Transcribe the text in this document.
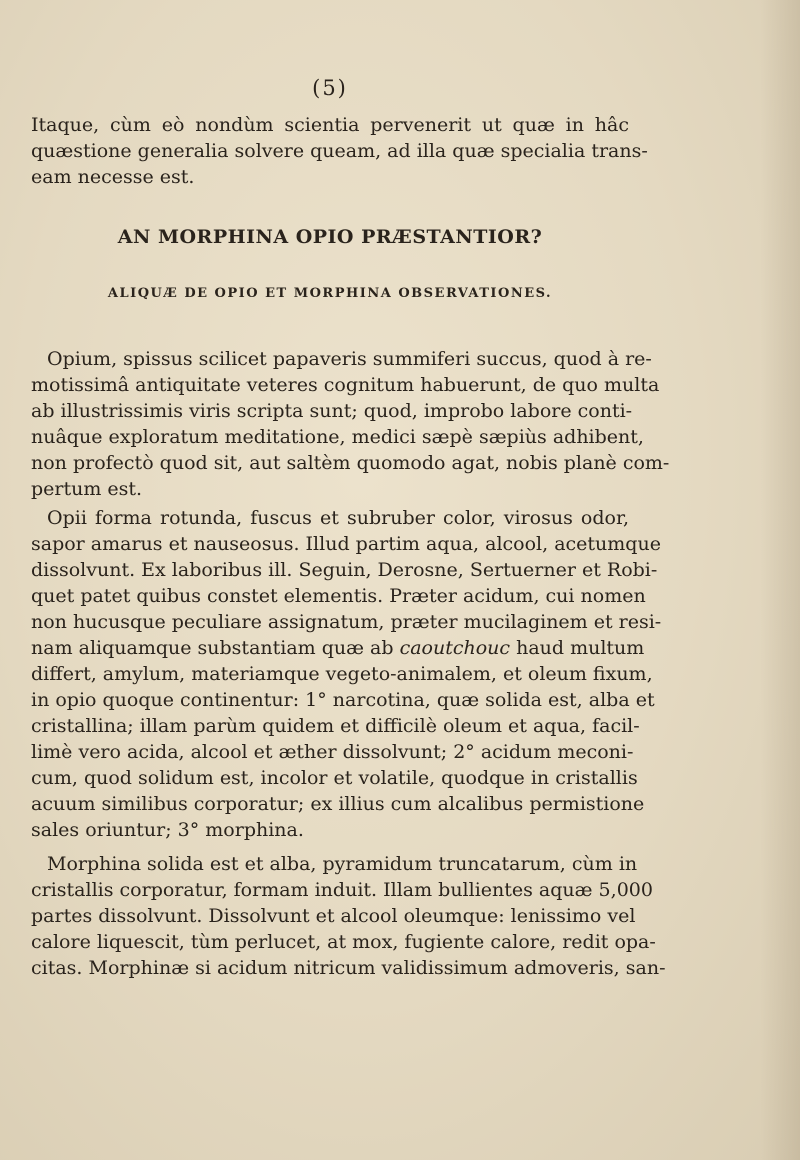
(5)
Itaque, cùm eò nondùm scientia pervenerit ut quæ in hâc
quæstione generalia solvere queam, ad illa quæ specialia trans-
eam necesse est.
AN MORPHINA OPIO PRÆSTANTIOR?
ALIQUÆ DE OPIO ET MORPHINA OBSERVATIONES.
Opium, spissus scilicet papaveris summiferi succus, quod à re-
motissimâ antiquitate veteres cognitum habuerunt, de quo multa
ab illustrissimis viris scripta sunt; quod, improbo labore conti-
nuâque exploratum meditatione, medici sæpè sæpiùs adhibent,
non profectò quod sit, aut saltèm quomodo agat, nobis planè com-
pertum est.
Opii forma rotunda, fuscus et subruber color, virosus odor,
sapor amarus et nauseosus. Illud partim aqua, alcool, acetumque
dissolvunt. Ex laboribus ill. Seguin, Derosne, Sertuerner et Robi-
quet patet quibus constet elementis. Præter acidum, cui nomen
non hucusque peculiare assignatum, præter mucilaginem et resi-
nam aliquamque substantiam quæ ab caoutchouc haud multum
differt, amylum, materiamque vegeto-animalem, et oleum fixum,
in opio quoque continentur: 1° narcotina, quæ solida est, alba et
cristallina; illam parùm quidem et difficilè oleum et aqua, facil-
limè vero acida, alcool et æther dissolvunt; 2° acidum meconi-
cum, quod solidum est, incolor et volatile, quodque in cristallis
acuum similibus corporatur; ex illius cum alcalibus permistione
sales oriuntur; 3° morphina.
Morphina solida est et alba, pyramidum truncatarum, cùm in
cristallis corporatur, formam induit. Illam bullientes aquæ 5,000
partes dissolvunt. Dissolvunt et alcool oleumque: lenissimo vel
calore liquescit, tùm perlucet, at mox, fugiente calore, redit opa-
citas. Morphinæ si acidum nitricum validissimum admoveris, san-
